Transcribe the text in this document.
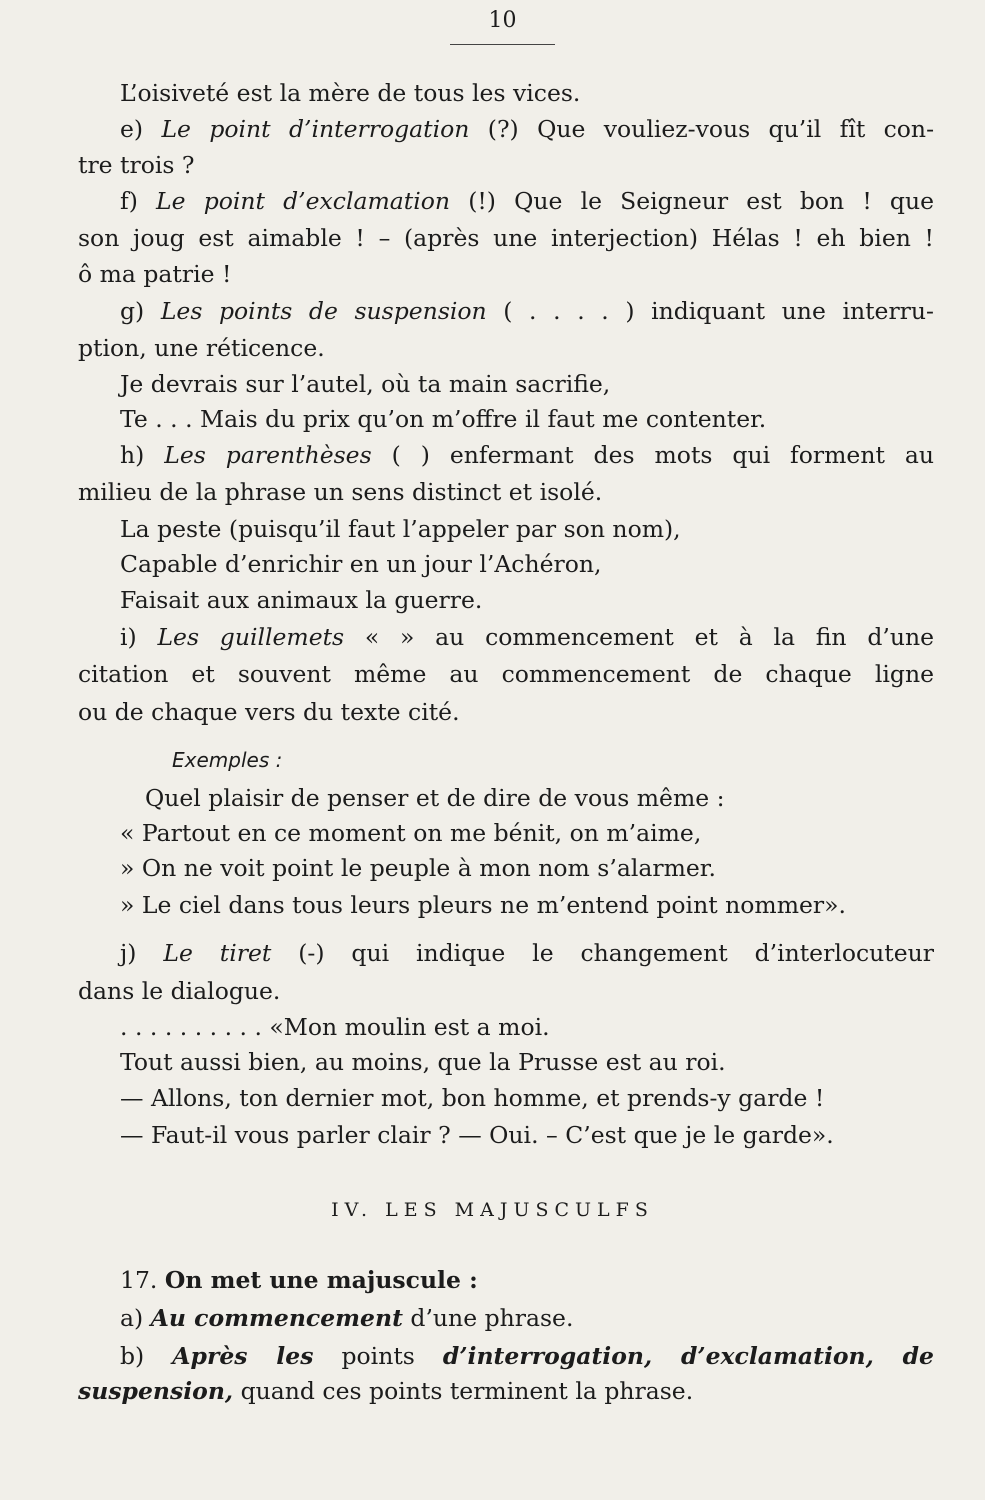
10
L’oisiveté est la mère de tous les vices.
e) Le point d’interrogation (?) Que vouliez-vous qu’il fît con-
tre trois ?
f) Le point d’exclamation (!) Que le Seigneur est bon ! que
son joug est aimable ! – (après une interjection) Hélas ! eh bien !
ô ma patrie !
g) Les points de suspension ( . . . . ) indiquant une interru-
ption, une réticence.
Je devrais sur l’autel, où ta main sacrifie,
Te . . . Mais du prix qu’on m’offre il faut me contenter.
h) Les parenthèses ( ) enfermant des mots qui forment au
milieu de la phrase un sens distinct et isolé.
La peste (puisqu’il faut l’appeler par son nom),
Capable d’enrichir en un jour l’Achéron,
Faisait aux animaux la guerre.
i) Les guillemets « » au commencement et à la fin d’une
citation et souvent même au commencement de chaque ligne
ou de chaque vers du texte cité.
Exemples :
Quel plaisir de penser et de dire de vous même :
« Partout en ce moment on me bénit, on m’aime,
» On ne voit point le peuple à mon nom s’alarmer.
» Le ciel dans tous leurs pleurs ne m’entend point nommer».
j) Le tiret (-) qui indique le changement d’interlocuteur
dans le dialogue.
. . . . . . . . . . «Mon moulin est a moi.
Tout aussi bien, au moins, que la Prusse est au roi.
— Allons, ton dernier mot, bon homme, et prends-y garde !
— Faut-il vous parler clair ? — Oui. – C’est que je le garde».
IV. LES MAJUSCULFS
17. On met une majuscule :
a) Au commencement d’une phrase.
b) Après les points d’interrogation, d’exclamation, de
suspension, quand ces points terminent la phrase.
